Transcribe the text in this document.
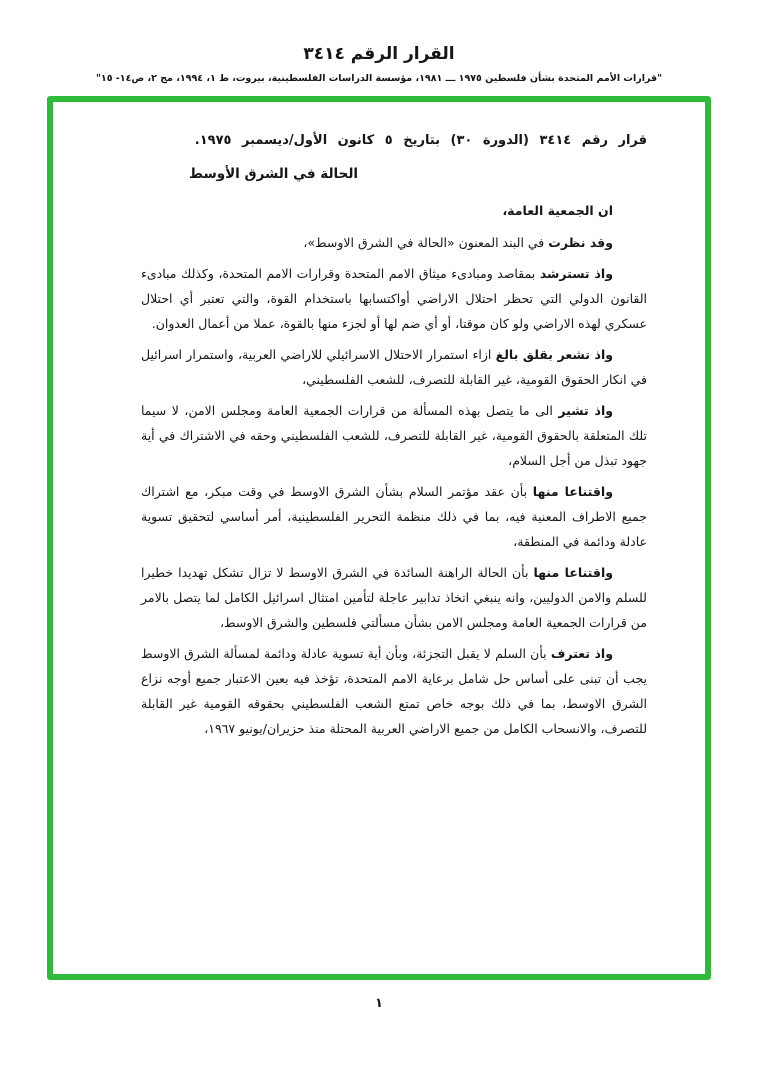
القرار الرقم ٣٤١٤
"قرارات الأمم المتحدة بشأن فلسطين ١٩٧٥ ـــ ١٩٨١، مؤسسة الدراسات الفلسطينية، بيروت، ط ١، ١٩٩٤، مج ٢، ص١٤- ١٥"

قرار رقم ٣٤١٤ (الدورة ٣٠) بتاريخ ٥ كانون الأول/ديسمبر ١٩٧٥.

الحالة في الشرق الأوسط

ان الجمعية العامة،

وقد نظرت في البند المعنون «الحالة في الشرق الاوسط»،

واذ تسترشد بمقاصد ومبادىء ميثاق الامم المتحدة وقرارات الامم المتحدة، وكذلك مبادىء القانون الدولي التي تحظر احتلال الاراضي أواكتسابها باستخدام القوة، والتي تعتبر أي احتلال عسكري لهذه الاراضي ولو كان موقتا، أو أي ضم لها أو لجزء منها بالقوة، عملا من أعمال العدوان.

واذ تشعر بقلق بالغ ازاء استمرار الاحتلال الاسرائيلي للاراضي العربية، واستمرار اسرائيل في انكار الحقوق القومية، غير القابلة للتصرف، للشعب الفلسطيني،

واذ تشير الى ما يتصل بهذه المسألة من قرارات الجمعية العامة ومجلس الامن، لا سيما تلك المتعلقة بالحقوق القومية، غير القابلة للتصرف، للشعب الفلسطيني وحقه في الاشتراك في أية جهود تبذل من أجل السلام،

واقتناعا منها بأن عقد مؤتمر السلام بشأن الشرق الاوسط في وقت مبكر، مع اشتراك جميع الاطراف المعنية فيه، بما في ذلك منظمة التحرير الفلسطينية، أمر أساسي لتحقيق تسوية عادلة ودائمة في المنطقة،

واقتناعا منها بأن الحالة الراهنة السائدة في الشرق الاوسط لا تزال تشكل تهديدا خطيرا للسلم والامن الدوليين، وانه ينبغي اتخاذ تدابير عاجلة لتأمين امتثال اسرائيل الكامل لما يتصل بالامر من قرارات الجمعية العامة ومجلس الامن بشأن مسألتي فلسطين والشرق الاوسط،

واذ تعترف بأن السلم لا يقبل التجزئة، وبأن أية تسوية عادلة ودائمة لمسألة الشرق الاوسط يجب أن تبنى على أساس حل شامل برعاية الامم المتحدة، تؤخذ فيه بعين الاعتبار جميع أوجه نزاع الشرق الاوسط، بما في ذلك بوجه خاص تمتع الشعب الفلسطيني بحقوقه القومية غير القابلة للتصرف، والانسحاب الكامل من جميع الاراضي العربية المحتلة منذ حزيران/يونيو ١٩٦٧،

١
